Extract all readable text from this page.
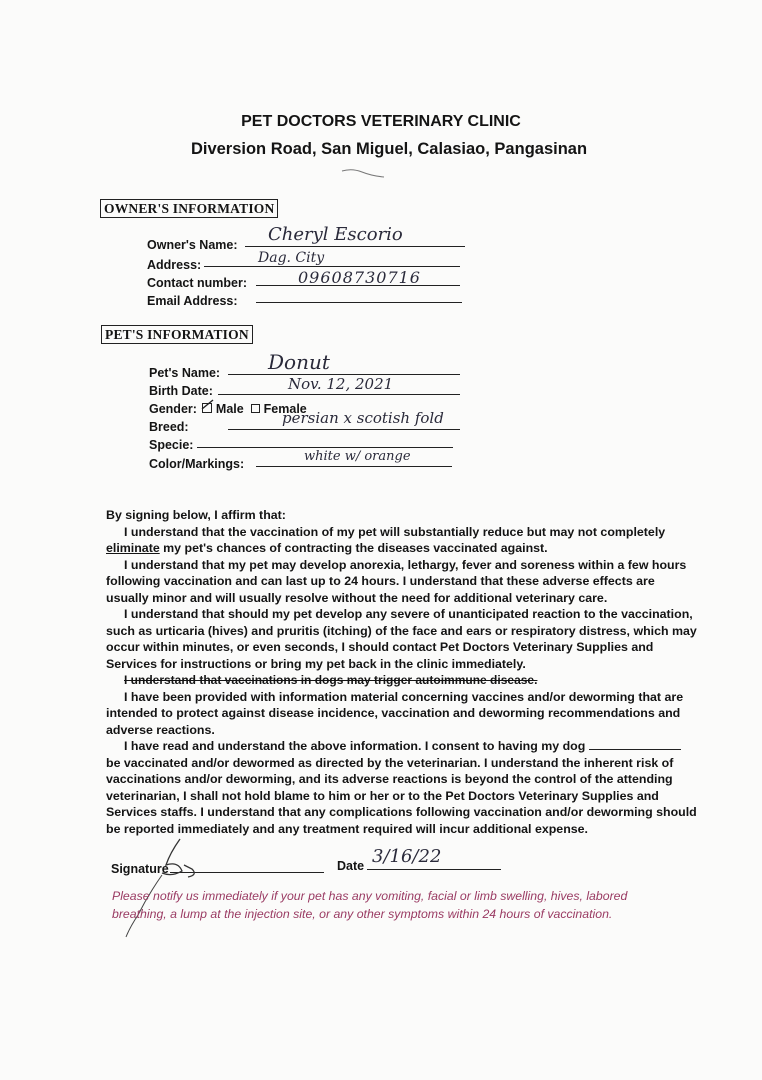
PET DOCTORS VETERINARY CLINIC
Diversion Road, San Miguel, Calasiao, Pangasinan
OWNER'S INFORMATION
Owner's Name: Cheryl Escorio
Address:	Dag. City
Contact number:	09608730716
Email Address:
PET'S INFORMATION
Pet's Name: Donut
Birth Date:	Nov. 12, 2021
Gender: Male Female
Breed:	persian x scotish fold
Specie:
Color/Markings:	white w/ orange

By signing below, I affirm that:

I understand that the vaccination of my pet will substantially reduce but may not completely eliminate my pet's chances of contracting the diseases vaccinated against.

I understand that my pet may develop anorexia, lethargy, fever and soreness within a few hours following vaccination and can last up to 24 hours. I understand that these adverse effects are usually minor and will usually resolve without the need for additional veterinary care.

I understand that should my pet develop any severe of unanticipated reaction to the vaccination, such as urticaria (hives) and pruritis (itching) of the face and ears or respiratory distress, which may occur within minutes, or even seconds, I should contact Pet Doctors Veterinary Supplies and Services for instructions or bring my pet back in the clinic immediately.

I understand that vaccinations in dogs may trigger autoimmune disease.

I have been provided with information material concerning vaccines and/or deworming that are intended to protect against disease incidence, vaccination and deworming recommendations and adverse reactions.

I have read and understand the above information. I consent to having my dog

be vaccinated and/or dewormed as directed by the veterinarian. I understand the inherent risk of vaccinations and/or deworming, and its adverse reactions is beyond the control of the attending veterinarian, I shall not hold blame to him or her or to the Pet Doctors Veterinary Supplies and Services staffs. I understand that any complications following vaccination and/or deworming should be reported immediately and any treatment required will incur additional expense.

Signature	Date 3/16/22
Please notify us immediately if your pet has any vomiting, facial or limb swelling, hives, labored breathing, a lump at the injection site, or any other symptoms within 24 hours of vaccination.
